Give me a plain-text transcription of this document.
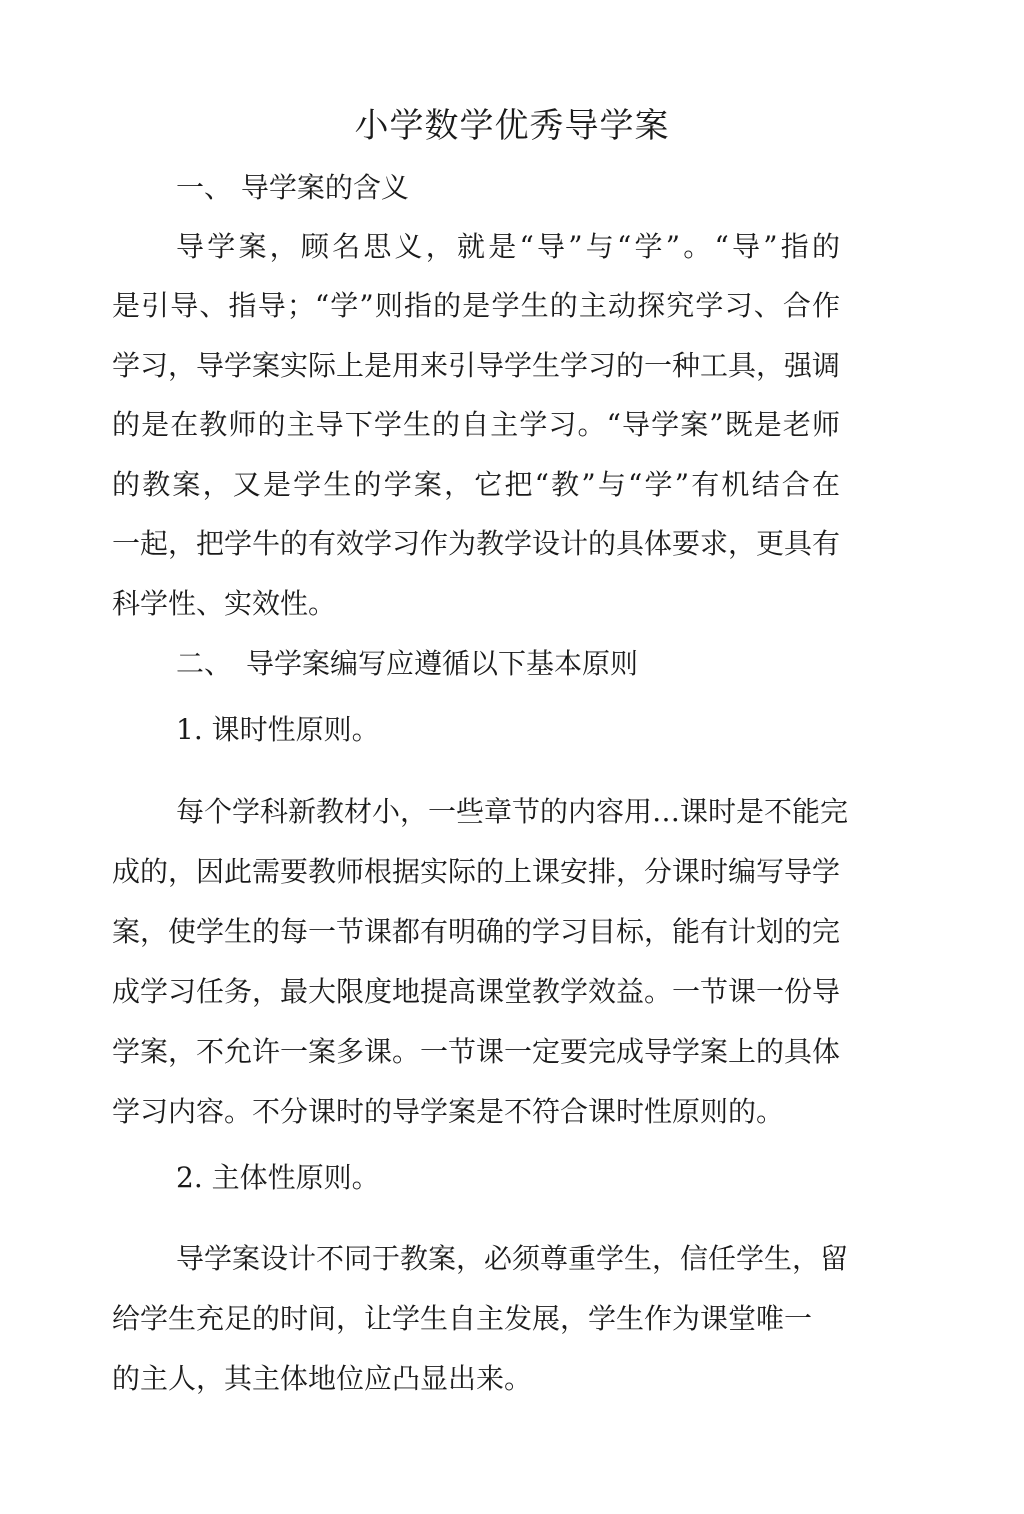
小学数学优秀导学案
一、 导学案的含义
导学案，顾名思义，就是“导”与“学”。“导”指的
是引导、指导；“学”则指的是学生的主动探究学习、合作
学习，导学案实际上是用来引导学生学习的一种工具，强调
的是在教师的主导下学生的自主学习。“导学案”既是老师
的教案，又是学生的学案，它把“教”与“学”有机结合在
一起，把学牛的有效学习作为教学设计的具体要求，更具有
科学性、实效性。
二、　导学案编写应遵循以下基本原则
1. 课时性原则。
每个学科新教材小，一些章节的内容用…课时是不能完
成的，因此需要教师根据实际的上课安排，分课时编写导学
案，使学生的每一节课都有明确的学习目标，能有计划的完
成学习任务，最大限度地提高课堂教学效益。一节课一份导
学案，不允许一案多课。一节课一定要完成导学案上的具体
学习内容。不分课时的导学案是不符合课时性原则的。
2. 主体性原则。
导学案设计不同于教案，必须尊重学生，信任学生，留
给学生充足的时间，让学生自主发展，学生作为课堂唯一
的主人，其主体地位应凸显出来。
